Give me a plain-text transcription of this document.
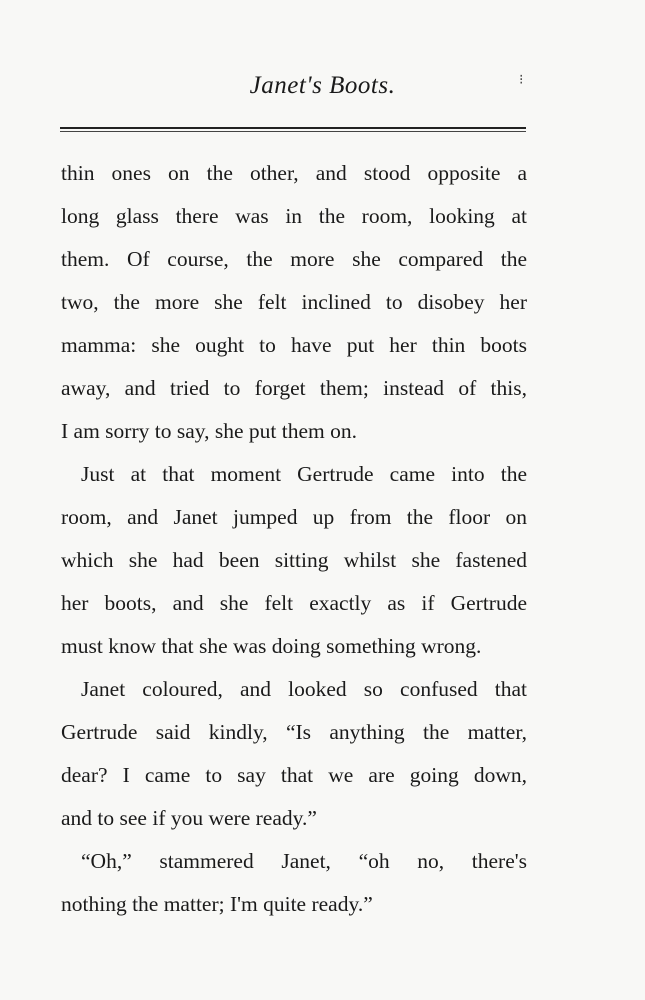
Janet's Boots.	⁝
thin ones on the other, and stood opposite a
long glass there was in the room, looking at
them. Of course, the more she compared the
two, the more she felt inclined to disobey her
mamma: she ought to have put her thin boots
away, and tried to forget them; instead of this,
I am sorry to say, she put them on.
Just at that moment Gertrude came into the
room, and Janet jumped up from the floor on
which she had been sitting whilst she fastened
her boots, and she felt exactly as if Gertrude
must know that she was doing something wrong.
Janet coloured, and looked so confused that
Gertrude said kindly, “Is anything the matter,
dear? I came to say that we are going down,
and to see if you were ready.”
“Oh,” stammered Janet, “oh no, there's
nothing the matter; I'm quite ready.”
